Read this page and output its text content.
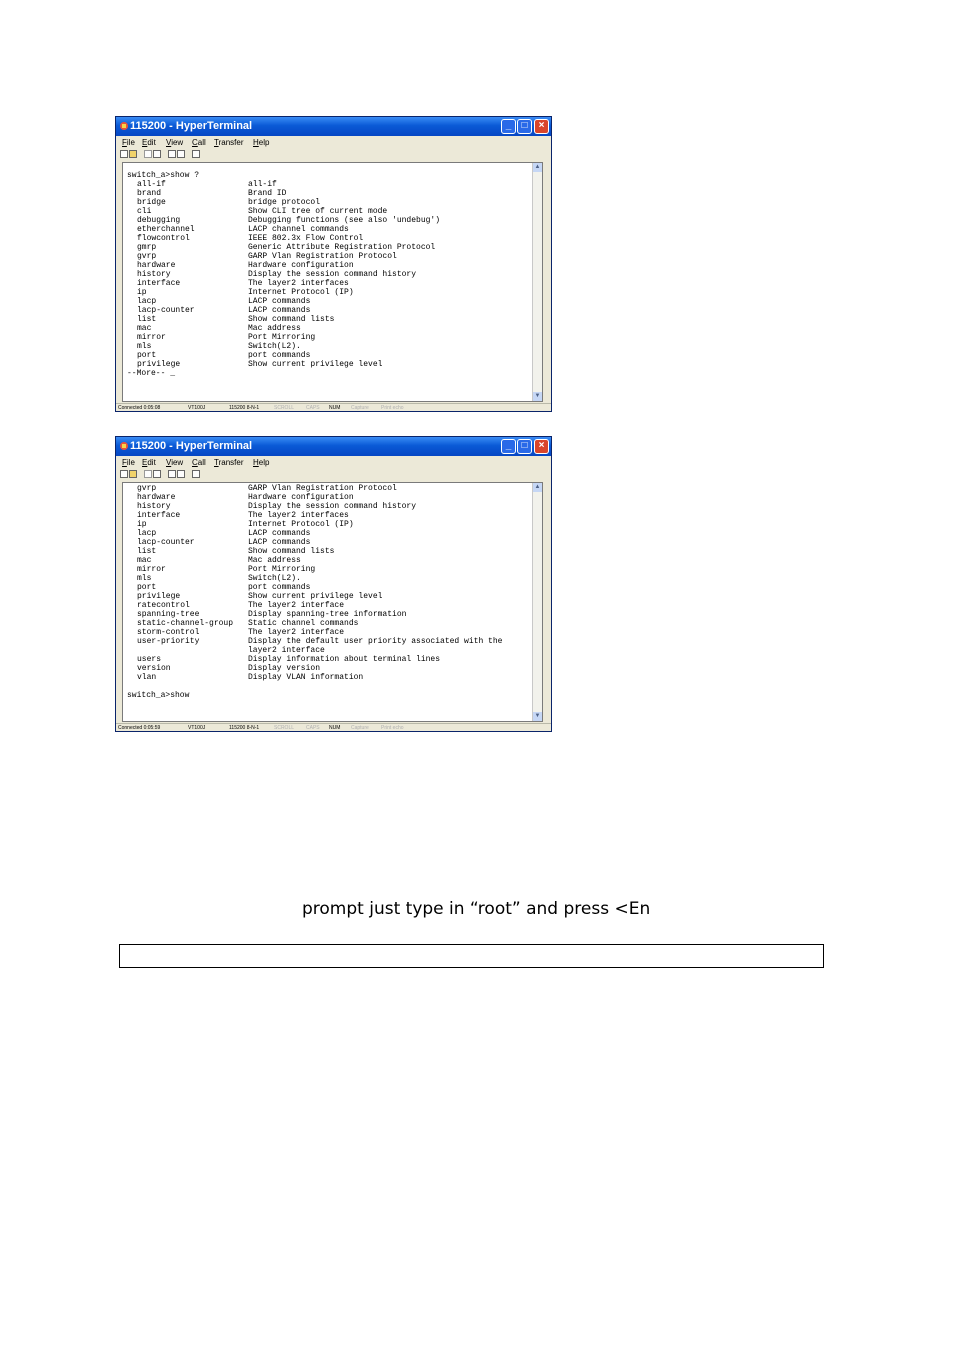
115200 - HyperTerminal	_	□	×
File Edit View Call Transfer Help
▲
▼
switch_a>show ?
all-if	all-if
brand	Brand ID
bridge	bridge protocol
cli	Show CLI tree of current mode
debugging	Debugging functions (see also 'undebug')
etherchannel	LACP channel commands
flowcontrol	IEEE 802.3x Flow Control
gmrp	Generic Attribute Registration Protocol
gvrp	GARP Vlan Registration Protocol
hardware	Hardware configuration
history	Display the session command history
interface	The layer2 interfaces
ip	Internet Protocol (IP)
lacp	LACP commands
lacp-counter	LACP commands
list	Show command lists
mac	Mac address
mirror	Port Mirroring
mls	Switch(L2).
port	port commands
privilege	Show current privilege level
--More-- _
Connected 0:05:08	VT100J	115200 8-N-1	SCROLL CAPS NUM Capture Print echo
115200 - HyperTerminal	_	□	×
File Edit View Call Transfer Help
▲
▼
gvrp	GARP Vlan Registration Protocol
hardware	Hardware configuration
history	Display the session command history
interface	The layer2 interfaces
ip	Internet Protocol (IP)
lacp	LACP commands
lacp-counter	LACP commands
list	Show command lists
mac	Mac address
mirror	Port Mirroring
mls	Switch(L2).
port	port commands
privilege	Show current privilege level
ratecontrol	The layer2 interface
spanning-tree	Display spanning-tree information
static-channel-group Static channel commands
storm-control	The layer2 interface
user-priority	Display the default user priority associated with the
layer2 interface
users	Display information about terminal lines
version	Display version
vlan	Display VLAN information
switch_a>show
Connected 0:05:59	VT100J	115200 8-N-1	SCROLL CAPS NUM Capture Print echo
prompt just type in “root” and press <En
